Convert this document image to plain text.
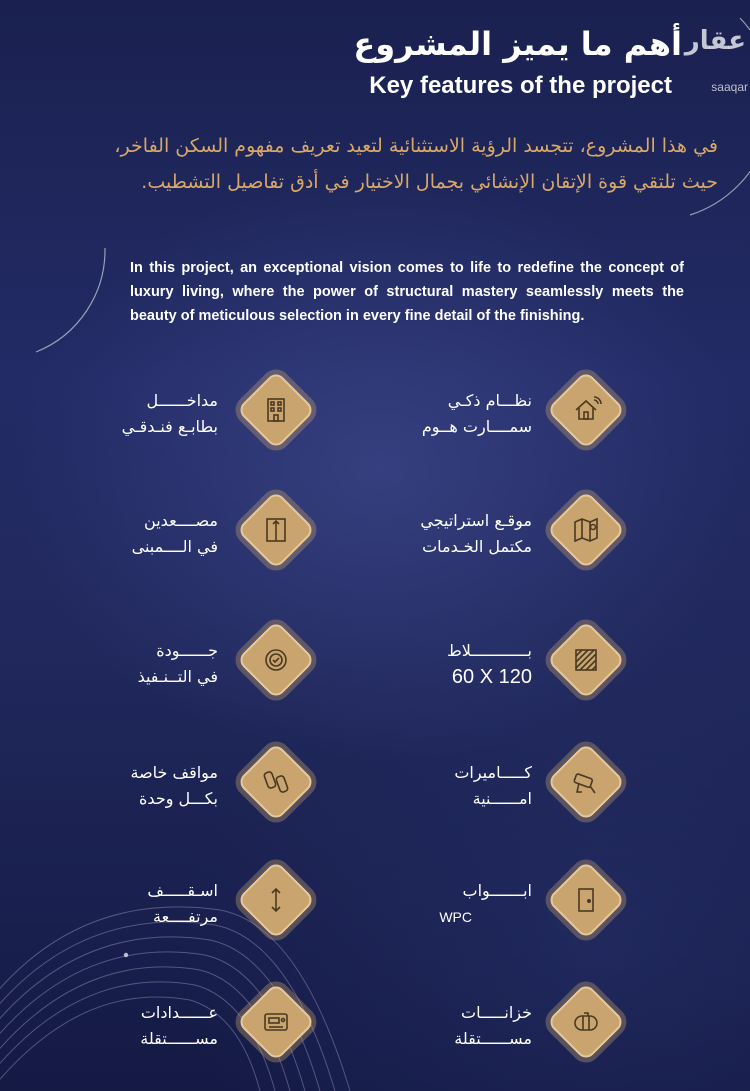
عقار
saaqar
أهم ما يميز المشروع
Key features of the project
في هذا المشروع، تتجسد الرؤية الاستثنائية لتعيد تعريف مفهوم السكن الفاخر، حيث تلتقي قوة الإتقان الإنشائي بجمال الاختيار في أدق تفاصيل التشطيب.
In this project, an exceptional vision comes to life to redefine the concept of luxury living, where the power of structural mastery seamlessly meets the beauty of meticulous selection in every fine detail of the finishing.
نظـــام ذكـي
سمــــارت هــوم
مداخــــــل
بطابـع فنـدقـي
موقـع استراتيجي
مكتمل الخـدمات
مصــــعدين
في الــــمبنى
بــــــــــــلاط
60 X 120
جــــــودة
في التــنـفيذ
كـــــاميرات
امــــــنية
مواقف خاصة
بكـــل وحدة
ابـــــــواب
WPC
اسـقـــــف
مرتفــــعة
خزانـــــات
مســــــتقلة
عــــــدادات
مســــــتقلة
